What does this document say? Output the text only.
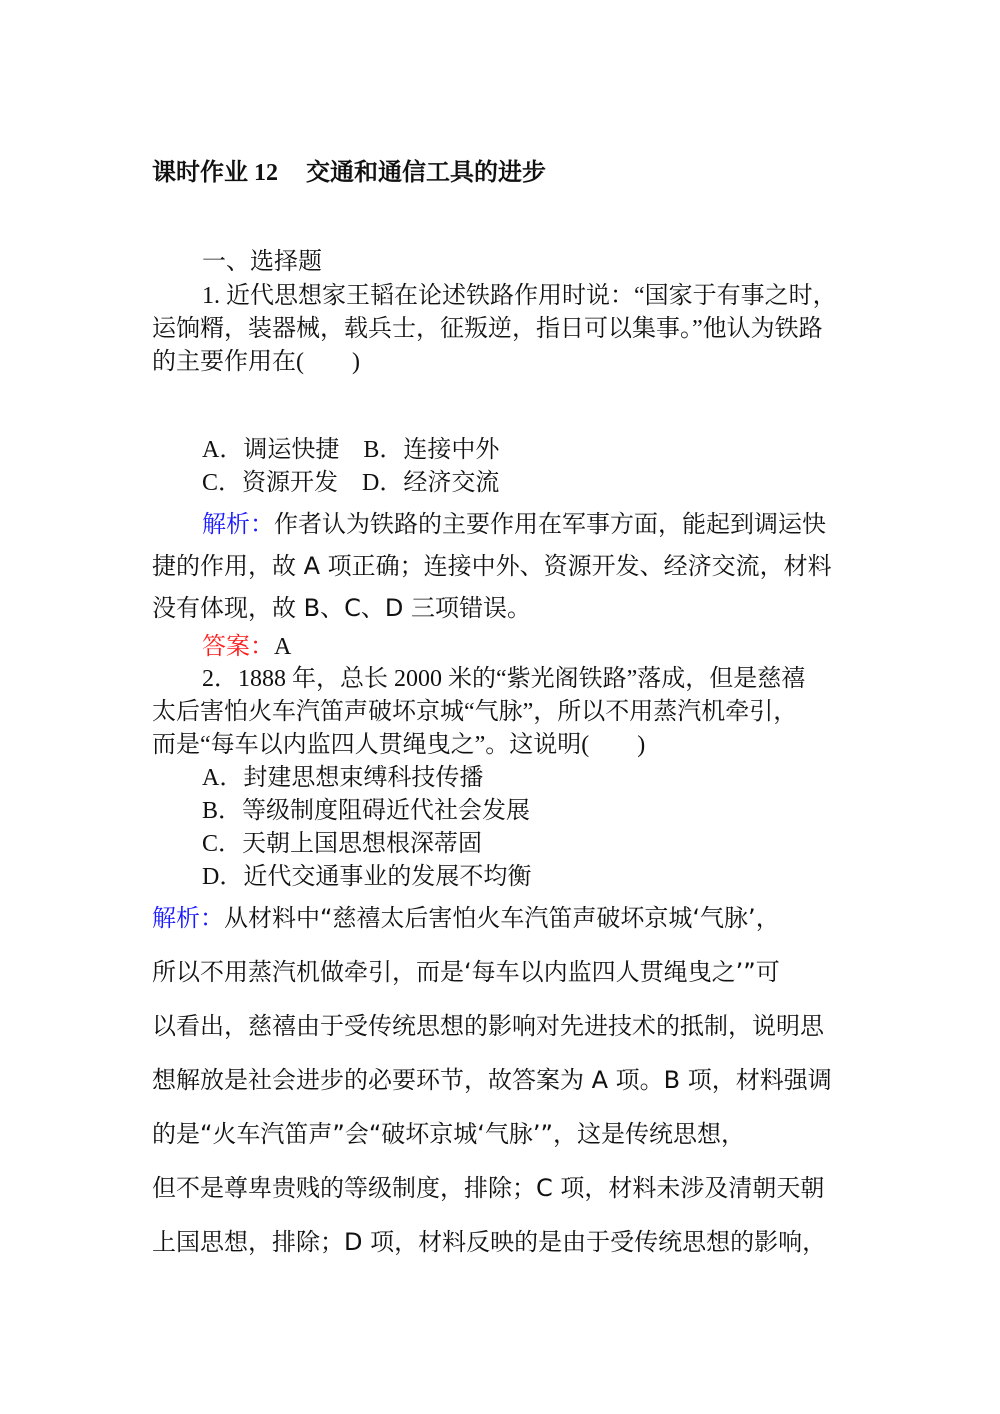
课时作业 12 交通和通信工具的进步
一、选择题
1. 近代思想家王韬在论述铁路作用时说：“国家于有事之时，
运饷糈，装器械，载兵士，征叛逆，指日可以集事。”他认为铁路
的主要作用在(　　)
A．调运快捷　B．连接中外
C．资源开发　D．经济交流
解析：作者认为铁路的主要作用在军事方面，能起到调运快
捷的作用，故 A 项正确；连接中外、资源开发、经济交流，材料
没有体现，故 B、C、D 三项错误。
答案：A
2．1888 年，总长 2000 米的“紫光阁铁路”落成，但是慈禧
太后害怕火车汽笛声破坏京城“气脉”，所以不用蒸汽机牵引，
而是“每车以内监四人贯绳曳之”。这说明(　　)
A．封建思想束缚科技传播
B．等级制度阻碍近代社会发展
C．天朝上国思想根深蒂固
D．近代交通事业的发展不均衡
解析：从材料中“慈禧太后害怕火车汽笛声破坏京城‘气脉’，
所以不用蒸汽机做牵引，而是‘每车以内监四人贯绳曳之’”可
以看出，慈禧由于受传统思想的影响对先进技术的抵制，说明思
想解放是社会进步的必要环节，故答案为 A 项。B 项，材料强调
的是“火车汽笛声”会“破坏京城‘气脉’”，这是传统思想，
但不是尊卑贵贱的等级制度，排除；C 项，材料未涉及清朝天朝
上国思想，排除；D 项，材料反映的是由于受传统思想的影响，
